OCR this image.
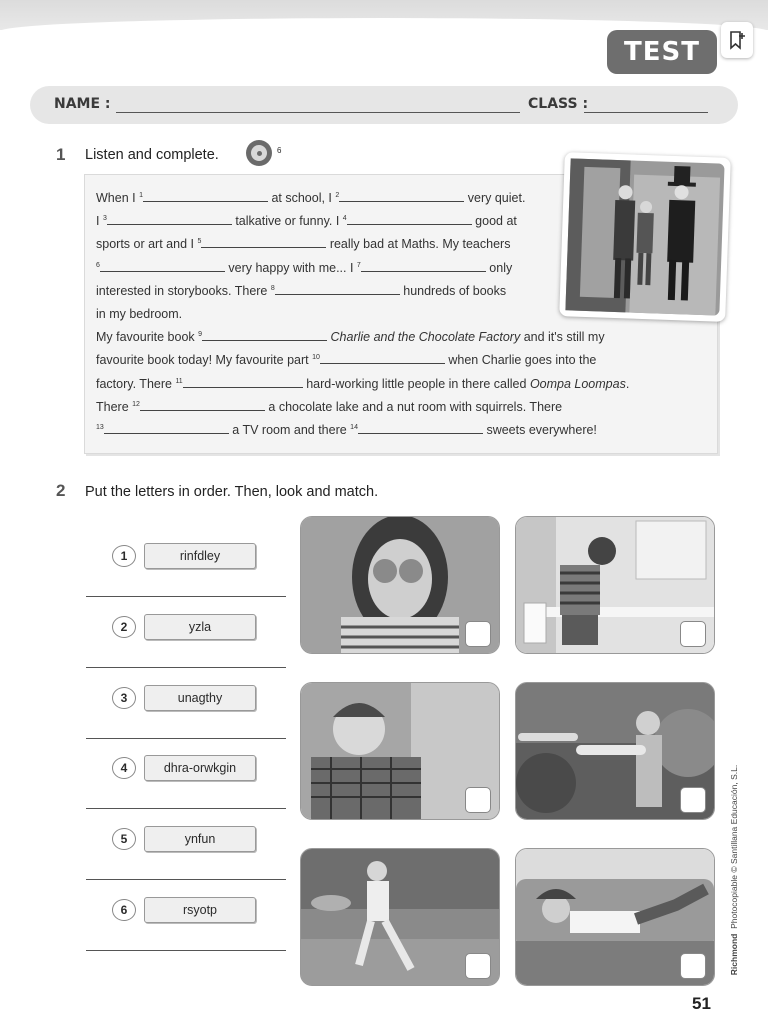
TEST
NAME :	CLASS :
1 Listen and complete.	6
When I $^1$	at school, I $^2$	very quiet.
I $^3$	talkative or funny. I $^4$	good at
sports or art and I $^5$	really bad at Maths. My teachers
$^6$	very happy with me... I $^7$	only
interested in storybooks. There $^8$	hundreds of books
in my bedroom.
My favourite book $^9$	Charlie and the Chocolate Factory and it's still my
favourite book today! My favourite part $^{10}$	when Charlie goes into the
factory. There $^{11}$	hard-working little people in there called Oompa Loompas.
There $^{12}$	a chocolate lake and a nut room with squirrels. There
$^{13}$	a TV room and there $^{14}$	sweets everywhere!
2 Put the letters in order. Then, look and match.
1	rinfdley
2	yzla
3	unagthy
4	dhra-orwkgin
5	ynfun
6	rsyotp
Richmond  Photocopiable © Santillana Educación, S.L.
51
